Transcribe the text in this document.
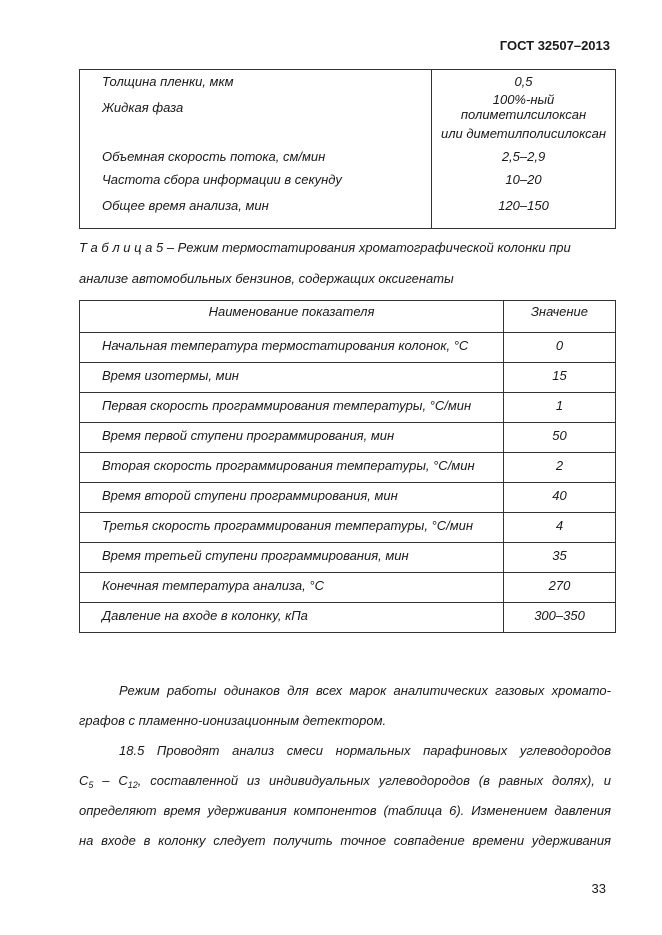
ГОСТ 32507–2013
Толщина пленки, мкм	0,5
Жидкая фаза	100%-ный полиметилсилоксан
	или диметилполисилоксан
Объемная скорость потока, см/мин	2,5–2,9
Частота сбора информации в секунду	10–20
Общее время анализа, мин	120–150
Т а б л и ц а 5 – Режим термостатирования хроматографической колонки при
анализе автомобильных бензинов, содержащих оксигенаты
Наименование показателя	Значение
Начальная температура термостатирования колонок, °С	0
Время изотермы, мин	15
Первая скорость программирования температуры, °С/мин	1
Время первой ступени программирования, мин	50
Вторая скорость программирования температуры, °С/мин	2
Время второй ступени программирования, мин	40
Третья скорость программирования температуры, °С/мин	4
Время третьей ступени программирования, мин	35
Конечная температура анализа, °С	270
Давление на входе в колонку, кПа	300–350
Режим работы одинаков для всех марок аналитических газовых хромато-
графов с пламенно-ионизационным детектором.
18.5 Проводят анализ смеси нормальных парафиновых углеводородов
$С_5 - С_{12}$, составленной из индивидуальных углеводородов (в равных долях), и
определяют время удерживания компонентов (таблица 6). Изменением давления
на входе в колонку следует получить точное совпадение времени удерживания
33
